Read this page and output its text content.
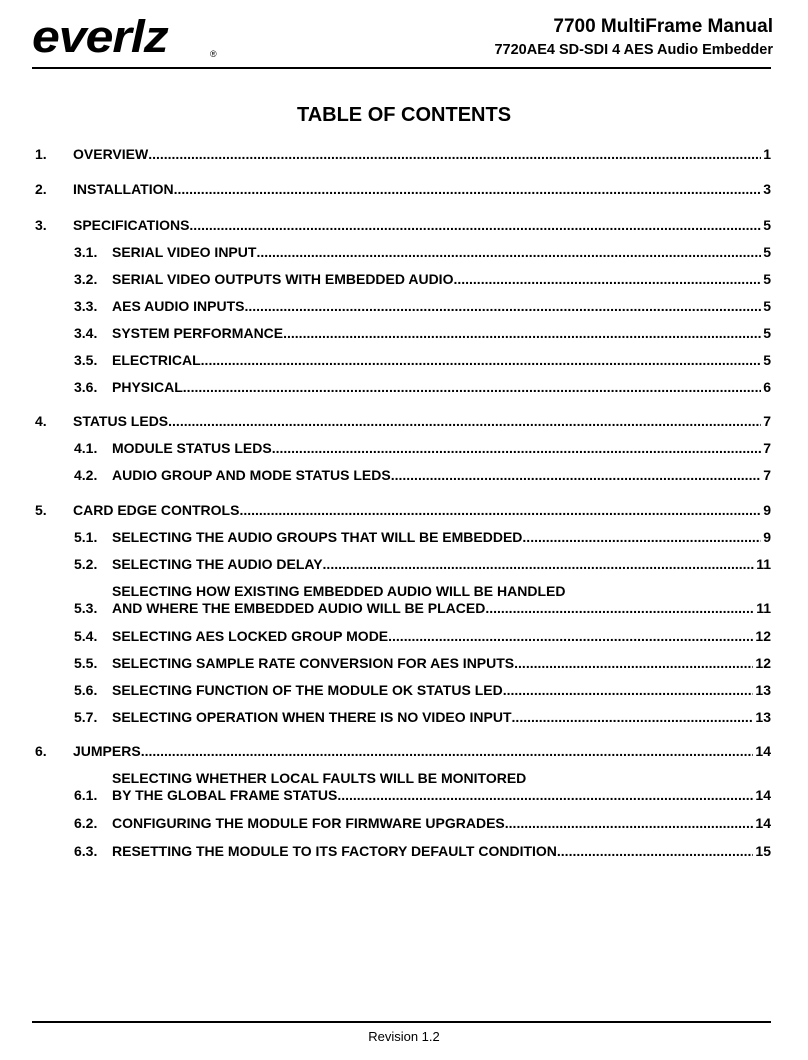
everlz	®
7700 MultiFrame Manual
7720AE4 SD-SDI 4 AES Audio Embedder
TABLE OF CONTENTS
1.	OVERVIEW .....	1
2.	INSTALLATION .....	3
3.	SPECIFICATIONS .....	5
3.1.	SERIAL VIDEO INPUT .....	5
3.2.	SERIAL VIDEO OUTPUTS WITH EMBEDDED AUDIO .....	5
3.3.	AES AUDIO INPUTS .....	5
3.4.	SYSTEM PERFORMANCE .....	5
3.5.	ELECTRICAL .....	5
3.6.	PHYSICAL .....	6
4.	STATUS LEDS .....	7
4.1.	MODULE STATUS LEDS .....	7
4.2.	AUDIO GROUP AND MODE STATUS LEDS .....	7
5.	CARD EDGE CONTROLS .....	9
5.1.	SELECTING THE AUDIO GROUPS THAT WILL BE EMBEDDED .....	9
5.2.	SELECTING THE AUDIO DELAY .....	11
5.3.
SELECTING HOW EXISTING EMBEDDED AUDIO WILL BE HANDLED
AND WHERE THE EMBEDDED AUDIO WILL BE PLACED .....	11
5.4.	SELECTING AES LOCKED GROUP MODE .....	12
5.5.	SELECTING SAMPLE RATE CONVERSION FOR AES INPUTS .....	12
5.6.	SELECTING FUNCTION OF THE MODULE OK STATUS LED .....	13
5.7.	SELECTING OPERATION WHEN THERE IS NO VIDEO INPUT .....	13
6.	JUMPERS .....	14
6.1.
SELECTING WHETHER LOCAL FAULTS WILL BE MONITORED
BY THE GLOBAL FRAME STATUS .....	14
6.2.	CONFIGURING THE MODULE FOR FIRMWARE UPGRADES .....	14
6.3.	RESETTING THE MODULE TO ITS FACTORY DEFAULT CONDITION .....	15
Revision 1.2
